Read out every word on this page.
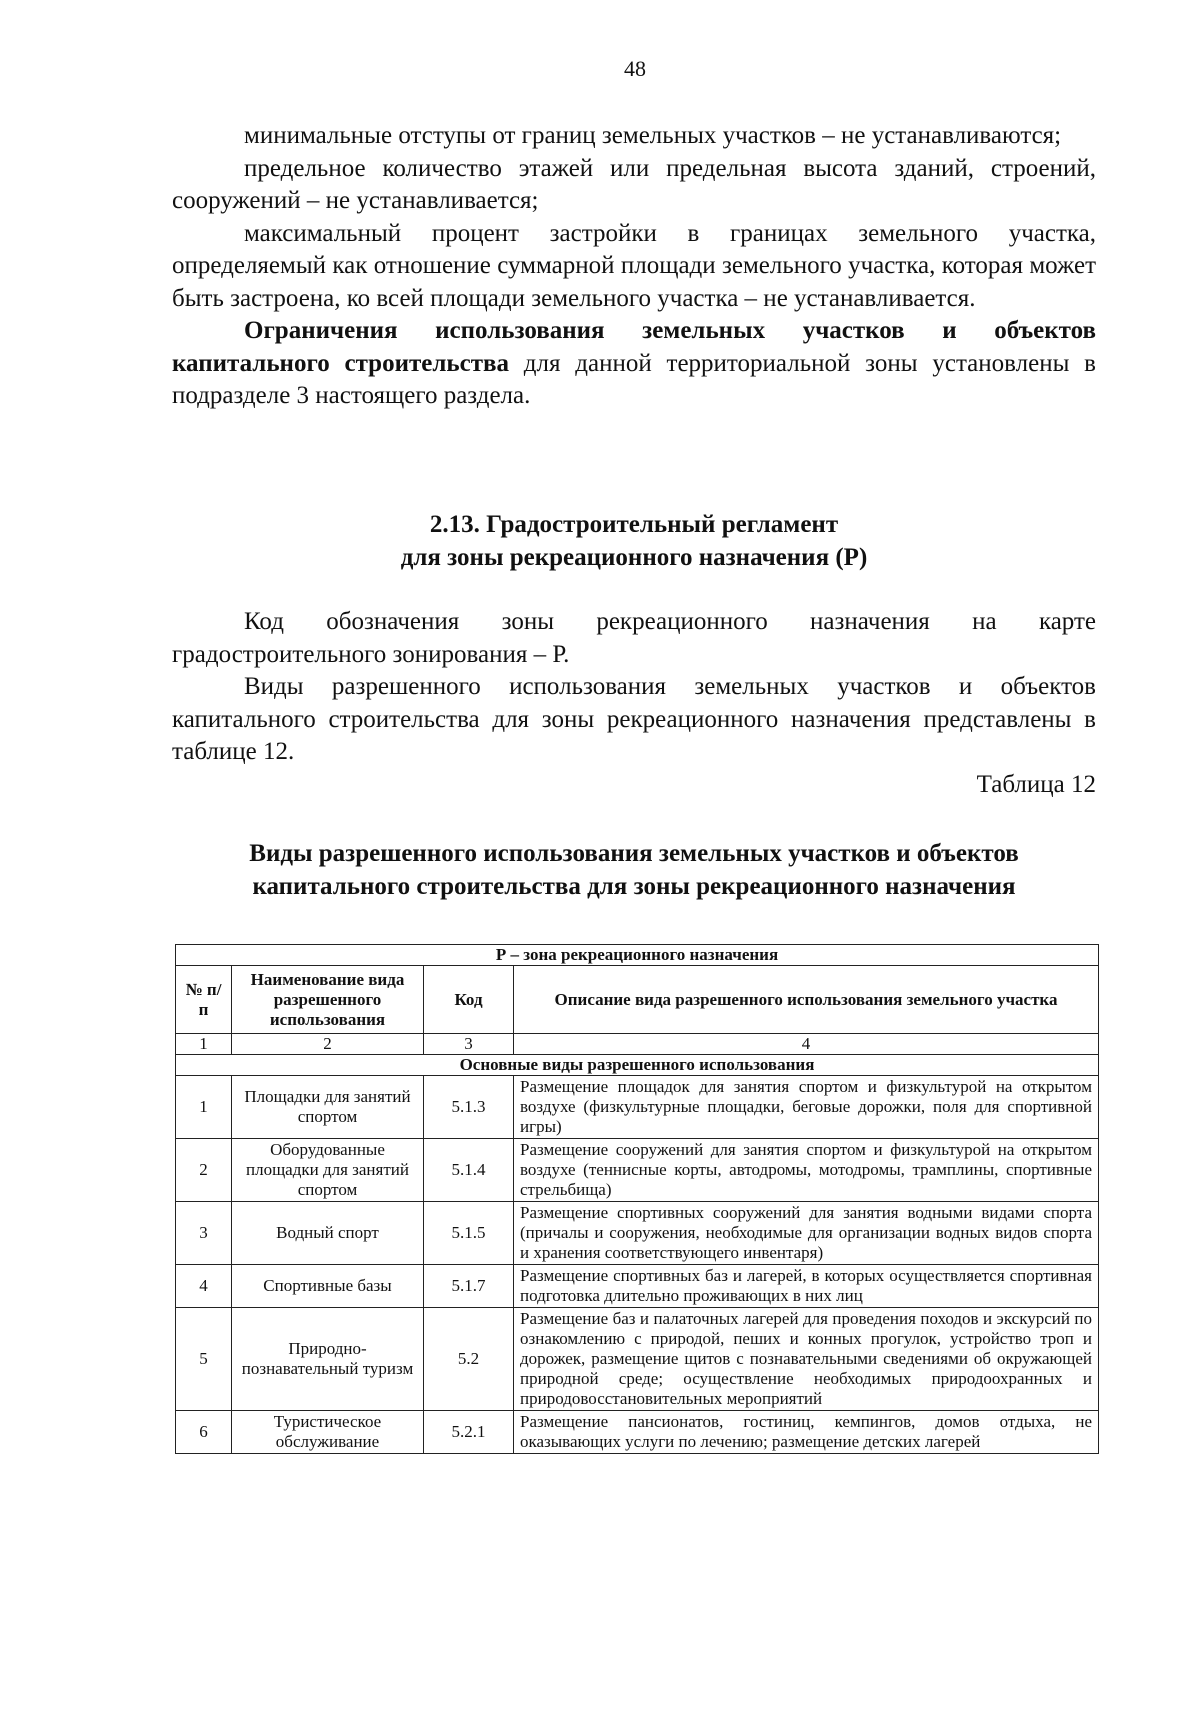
48

минимальные отступы от границ земельных участков – не устанавливаются;

предельное количество этажей или предельная высота зданий, строений, сооружений – не устанавливается;

максимальный процент застройки в границах земельного участка, определяемый как отношение суммарной площади земельного участка, которая может быть застроена, ко всей площади земельного участка – не устанавливается.

Ограничения использования земельных участков и объектов капитального строительства для данной территориальной зоны установлены в подразделе 3 настоящего раздела.

2.13. Градостроительный регламент
для зоны рекреационного назначения (Р)

Код обозначения зоны рекреационного назначения на карте градостроительного зонирования – Р.

Виды разрешенного использования земельных участков и объектов капитального строительства для зоны рекреационного назначения представлены в таблице 12.

Таблица 12
Виды разрешенного использования земельных участков и объектов
капитального строительства для зоны рекреационного назначения
Р – зона рекреационного назначения			
№ п/п	Наименование вида разрешенного использования	Код	Описание вида разрешенного использования земельного участка
1	2	3	4
Основные виды разрешенного использования			
1	Площадки для занятий спортом	5.1.3	Размещение площадок для занятия спортом и физкультурой на открытом воздухе (физкультурные площадки, беговые дорожки, поля для спортивной игры)
2	Оборудованные площадки для занятий спортом	5.1.4	Размещение сооружений для занятия спортом и физкультурой на открытом воздухе (теннисные корты, автодромы, мотодромы, трамплины, спортивные стрельбища)
3	Водный спорт	5.1.5	Размещение спортивных сооружений для занятия водными видами спорта (причалы и сооружения, необходимые для организации водных видов спорта и хранения соответствующего инвентаря)
4	Спортивные базы	5.1.7	Размещение спортивных баз и лагерей, в которых осуществляется спортивная подготовка длительно проживающих в них лиц
5	Природно-познавательный туризм	5.2	Размещение баз и палаточных лагерей для проведения походов и экскурсий по ознакомлению с природой, пеших и конных прогулок, устройство троп и дорожек, размещение щитов с познавательными сведениями об окружающей природной среде; осуществление необходимых природоохранных и природовосстановительных мероприятий
6	Туристическое обслуживание	5.2.1	Размещение пансионатов, гостиниц, кемпингов, домов отдыха, не оказывающих услуги по лечению; размещение детских лагерей
